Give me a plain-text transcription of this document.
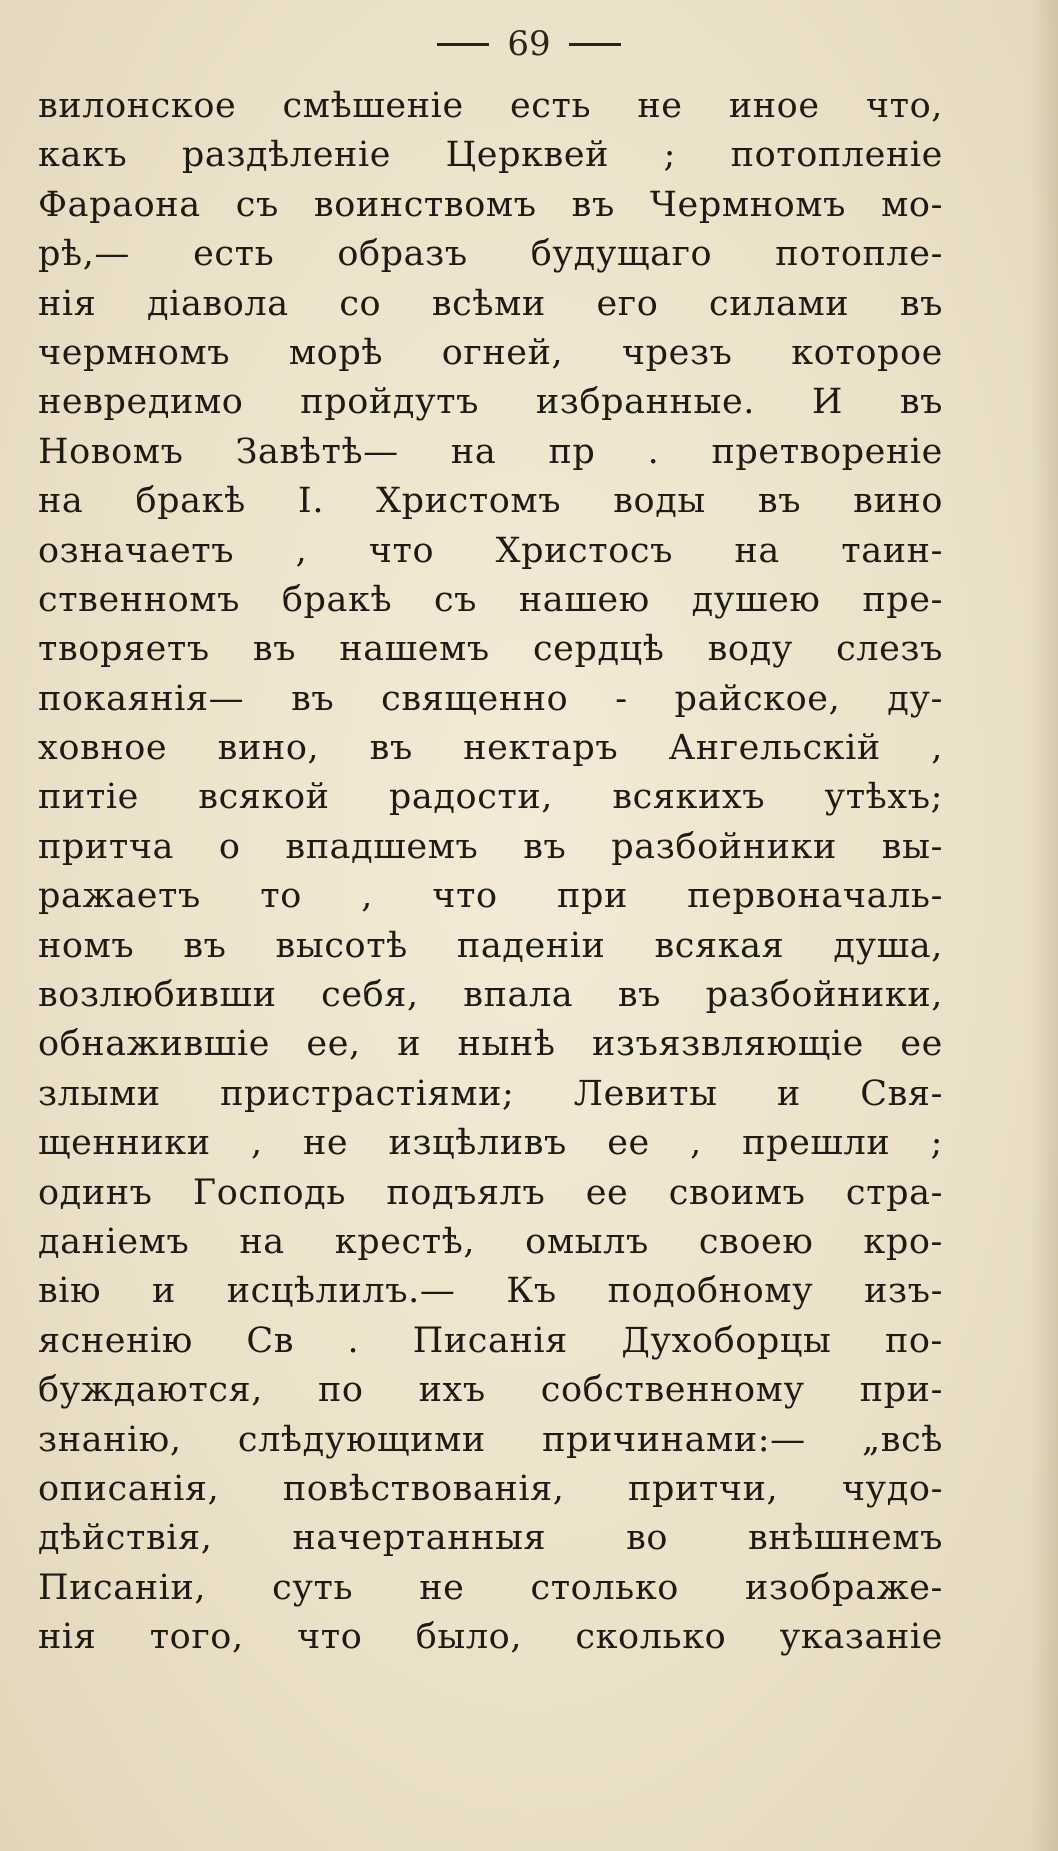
69
вилонское смѣшеніе есть не иное что,
какъ раздѣленіе Церквей ; потопленіе
Фараона съ воинствомъ въ Чермномъ мо-
рѣ,— есть образъ будущаго потопле-
нія діавола со всѣми его силами въ
чермномъ морѣ огней, чрезъ которое
невредимо пройдутъ избранные. И въ
Новомъ Завѣтѣ— на пр . претвореніе
на бракѣ І. Христомъ воды въ вино
означаетъ , что Христосъ на таин-
ственномъ бракѣ съ нашею душею пре-
творяетъ въ нашемъ сердцѣ воду слезъ
покаянія— въ священно - райское, ду-
ховное вино, въ нектаръ Ангельскій ,
питіе всякой радости, всякихъ утѣхъ;
притча о впадшемъ въ разбойники вы-
ражаетъ то , что при первоначаль-
номъ въ высотѣ паденіи всякая душа,
возлюбивши себя, впала въ разбойники,
обнажившіе ее, и нынѣ изъязвляющіе ее
злыми пристрастіями; Левиты и Свя-
щенники , не изцѣливъ ее , прешли ;
одинъ Господь подъялъ ее своимъ стра-
даніемъ на крестѣ, омылъ своею кро-
вію и исцѣлилъ.— Къ подобному изъ-
ясненію Св . Писанія Духоборцы по-
буждаются, по ихъ собственному при-
знанію, слѣдующими причинами:— „всѣ
описанія, повѣствованія, притчи, чудо-
дѣйствія, начертанныя во внѣшнемъ
Писаніи, суть не столько изображе-
нія того, что было, сколько указаніе
